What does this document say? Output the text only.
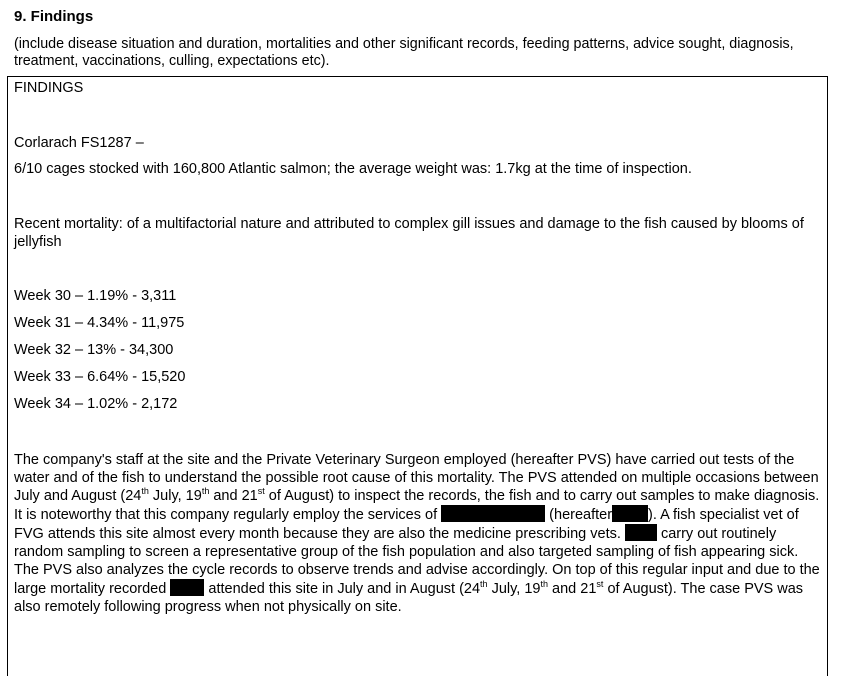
9. Findings
(include disease situation and duration, mortalities and other significant records, feeding patterns, advice sought, diagnosis, treatment, vaccinations, culling, expectations etc).
FINDINGS
Corlarach FS1287 –
6/10 cages stocked with 160,800 Atlantic salmon; the average weight was: 1.7kg at the time of inspection.
Recent mortality: of a multifactorial nature and attributed to complex gill issues and damage to the fish caused by blooms of jellyfish
Week 30 – 1.19% - 3,311
Week 31 – 4.34% - 11,975
Week 32 – 13% - 34,300
Week 33 – 6.64% - 15,520
Week 34 – 1.02% - 2,172
The company's staff at the site and the Private Veterinary Surgeon employed (hereafter PVS) have carried out tests of the water and of the fish to understand the possible root cause of this mortality. The PVS attended on multiple occasions between July and August (24th July, 19th and 21st of August) to inspect the records, the fish and to carry out samples to make diagnosis. It is noteworthy that this company regularly employ the services of	(hereafter ). A fish specialist vet of FVG attends this site almost every month because they are also the medicine prescribing vets.  carry out routinely random sampling to screen a representative group of the fish population and also targeted sampling of fish appearing sick. The PVS also analyzes the cycle records to observe trends and advise accordingly. On top of this regular input and due to the large mortality recorded	attended this site in July and in August (24th July, 19th and 21st of August). The case PVS was also remotely following progress when not physically on site.
